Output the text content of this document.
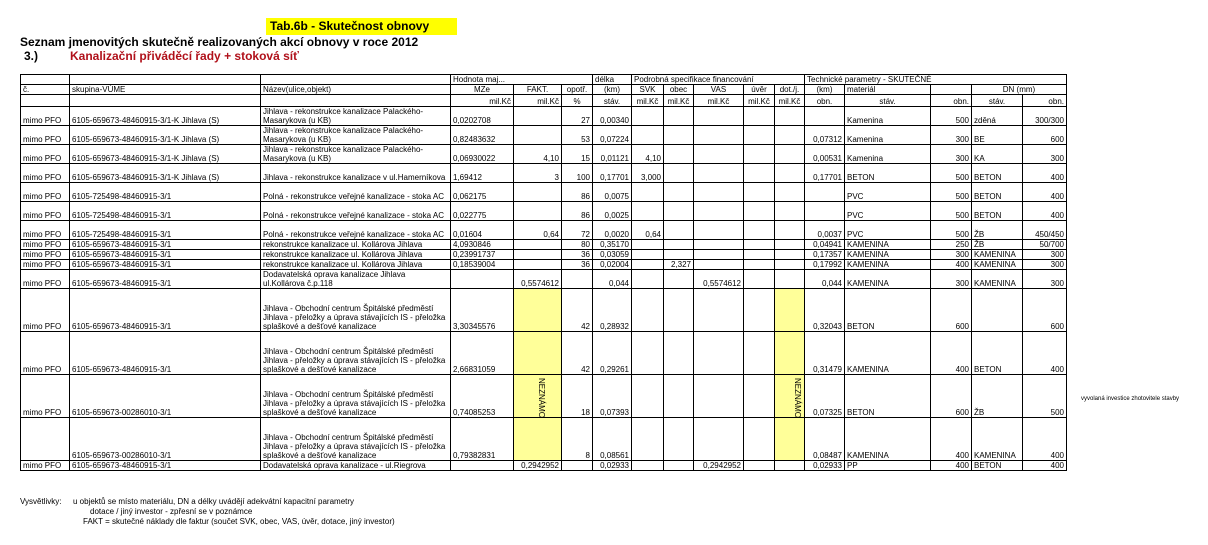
Tab.6b - Skutečnost obnovy
Seznam jmenovitých skutečně realizovaných akcí obnovy v roce 2012
3.)	Kanalizační přiváděcí řady + stoková síť
			Hodnota maj...			délka	Podrobná specifikace financování					Technické parametry - SKUTEČNÉ				
č.	skupina-VÚME	Název(ulice,objekt)	MZe	FAKT.	opotř.	(km)	SVK	obec	VAS	úvěr	dot./j.	(km)	materiál		DN (mm)	
			mil.Kč	mil.Kč	%	stáv.	mil.Kč	mil.Kč	mil.Kč	mil.Kč	mil.Kč	obn.	stáv.	obn.	stáv.	obn.
mimo PFO	6105-659673-48460915-3/1-K Jihlava (S)	Jihlava - rekonstrukce kanalizace Palackého-Masarykova (u KB)	0,0202708		27	0,00340							Kamenina	500	zděná	300/300
mimo PFO	6105-659673-48460915-3/1-K Jihlava (S)	Jihlava - rekonstrukce kanalizace Palackého-Masarykova (u KB)	0,82483632		53	0,07224						0,07312	Kamenina	300	BE	600
mimo PFO	6105-659673-48460915-3/1-K Jihlava (S)	Jihlava - rekonstrukce kanalizace Palackého-Masarykova (u KB)	0,06930022	4,10	15	0,01121	4,10					0,00531	Kamenina	300	KA	300
mimo PFO	6105-659673-48460915-3/1-K Jihlava (S)	Jihlava - rekonstrukce kanalizace v ul.Hamerníkova	1,69412	3	100	0,17701	3,000					0,17701	BETON	500	BETON	400
mimo PFO	6105-725498-48460915-3/1	Polná - rekonstrukce veřejné kanalizace - stoka AC	0,062175		86	0,0075							PVC	500	BETON	400
mimo PFO	6105-725498-48460915-3/1	Polná - rekonstrukce veřejné kanalizace - stoka AC	0,022775		86	0,0025							PVC	500	BETON	400
mimo PFO	6105-725498-48460915-3/1	Polná - rekonstrukce veřejné kanalizace - stoka AC	0,01604	0,64	72	0,0020	0,64					0,0037	PVC	500	ŽB	450/450
mimo PFO	6105-659673-48460915-3/1	rekonstrukce kanalizace ul. Kollárova Jihlava	4,0930846		80	0,35170						0,04941	KAMENINA	250	ŽB	50/700
mimo PFO	6105-659673-48460915-3/1	rekonstrukce kanalizace ul. Kollárova Jihlava	0,23991737		36	0,03059						0,17357	KAMENINA	300	KAMENINA	300
mimo PFO	6105-659673-48460915-3/1	rekonstrukce kanalizace ul. Kollárova Jihlava	0,18539004		36	0,02004		2,327				0,17992	KAMENINA	400	KAMENINA	300
mimo PFO	6105-659673-48460915-3/1	Dodavatelská oprava kanalizace Jihlava ul.Kollárova č.p.118		0,5574612		0,044			0,5574612			0,044	KAMENINA	300	KAMENINA	300
mimo PFO	6105-659673-48460915-3/1	Jihlava - Obchodní centrum Špitálské předměstí Jihlava - přeložky a úprava stávajících IS - přeložka splaškové a dešťové kanalizace	3,30345576		42	0,28932						0,32043	BETON	600		600
mimo PFO	6105-659673-48460915-3/1	Jihlava - Obchodní centrum Špitálské předměstí Jihlava - přeložky a úprava stávajících IS - přeložka splaškové a dešťové kanalizace	2,66831059		42	0,29261						0,31479	KAMENINA	400	BETON	400
mimo PFO	6105-659673-00286010-3/1	Jihlava - Obchodní centrum Špitálské předměstí Jihlava - přeložky a úprava stávajících IS - přeložka splaškové a dešťové kanalizace	0,74085253		18	0,07393						0,07325	BETON	600	ŽB	500
	6105-659673-00286010-3/1	Jihlava - Obchodní centrum Špitálské předměstí Jihlava - přeložky a úprava stávajících IS - přeložka splaškové a dešťové kanalizace	0,79382831		8	0,08561						0,08487	KAMENINA	400	KAMENINA	400
mimo PFO	6105-659673-48460915-3/1	Dodavatelská oprava kanalizace - ul.Riegrova		0,2942952		0,02933			0,2942952			0,02933	PP	400	BETON	400
NEZNÁMO	NEZNÁMO	vyvolaná investice zhotovitele stavby
Vysvětlivky: u objektů se místo materiálu, DN a délky uvádějí adekvátní kapacitní parametry
dotace / jiný investor - zpřesní se v poznámce
FAKT = skutečné náklady dle faktur (součet SVK, obec, VAS, úvěr, dotace, jiný investor)
